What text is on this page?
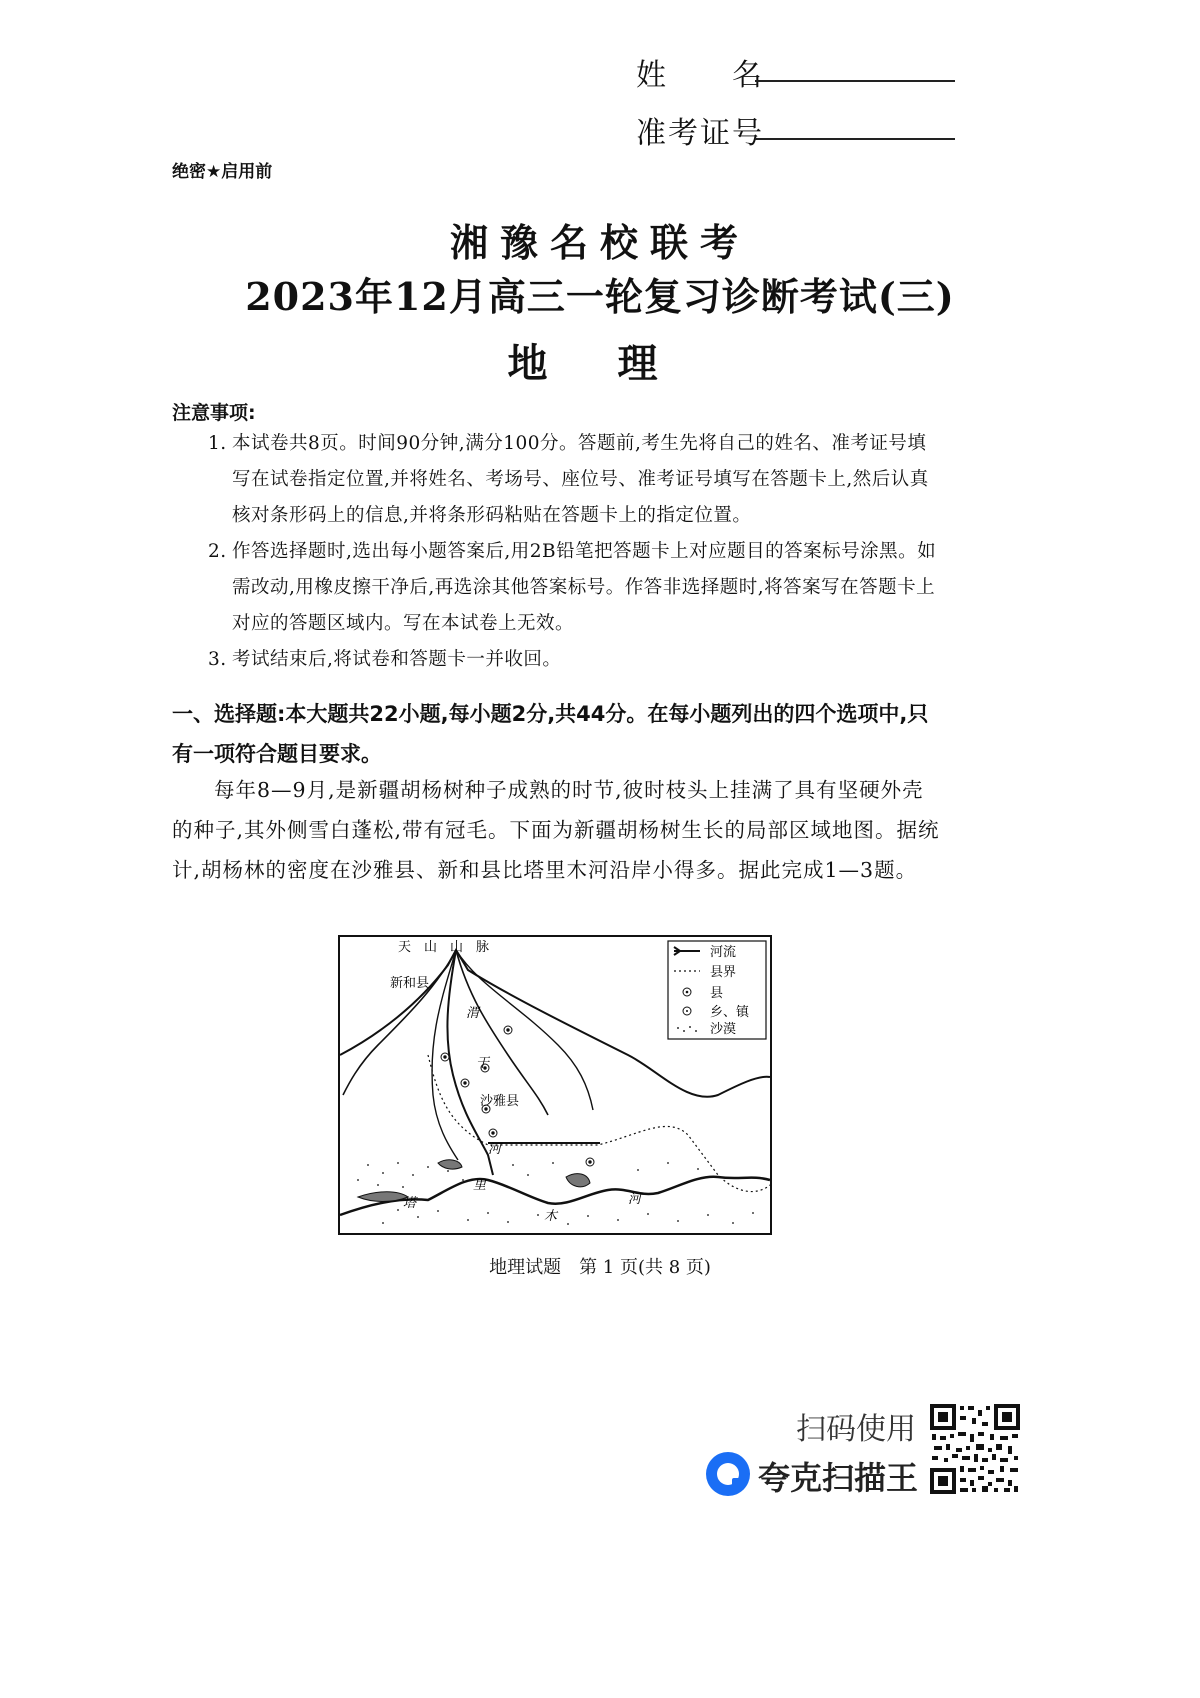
姓　　名
准考证号
绝密★启用前
湘豫名校联考
2023年12月高三一轮复习诊断考试(三)
地理
注意事项:
1. 本试卷共8页。时间90分钟,满分100分。答题前,考生先将自己的姓名、准考证号填写在试卷指定位置,并将姓名、考场号、座位号、准考证号填写在答题卡上,然后认真核对条形码上的信息,并将条形码粘贴在答题卡上的指定位置。
2. 作答选择题时,选出每小题答案后,用2B铅笔把答题卡上对应题目的答案标号涂黑。如需改动,用橡皮擦干净后,再选涂其他答案标号。作答非选择题时,将答案写在答题卡上对应的答题区域内。写在本试卷上无效。
3. 考试结束后,将试卷和答题卡一并收回。
一、选择题:本大题共22小题,每小题2分,共44分。在每小题列出的四个选项中,只有一项符合题目要求。
每年8—9月,是新疆胡杨树种子成熟的时节,彼时枝头上挂满了具有坚硬外壳的种子,其外侧雪白蓬松,带有冠毛。下面为新疆胡杨树生长的局部区域地图。据统计,胡杨林的密度在沙雅县、新和县比塔里木河沿岸小得多。据此完成1—3题。
天　山　山　脉
新和县
沙雅县
渭
干
河
塔
里
木
河
河流
县界
县
乡、镇
沙漠
地理试题　第 1 页(共 8 页)
扫码使用
夸克扫描王
